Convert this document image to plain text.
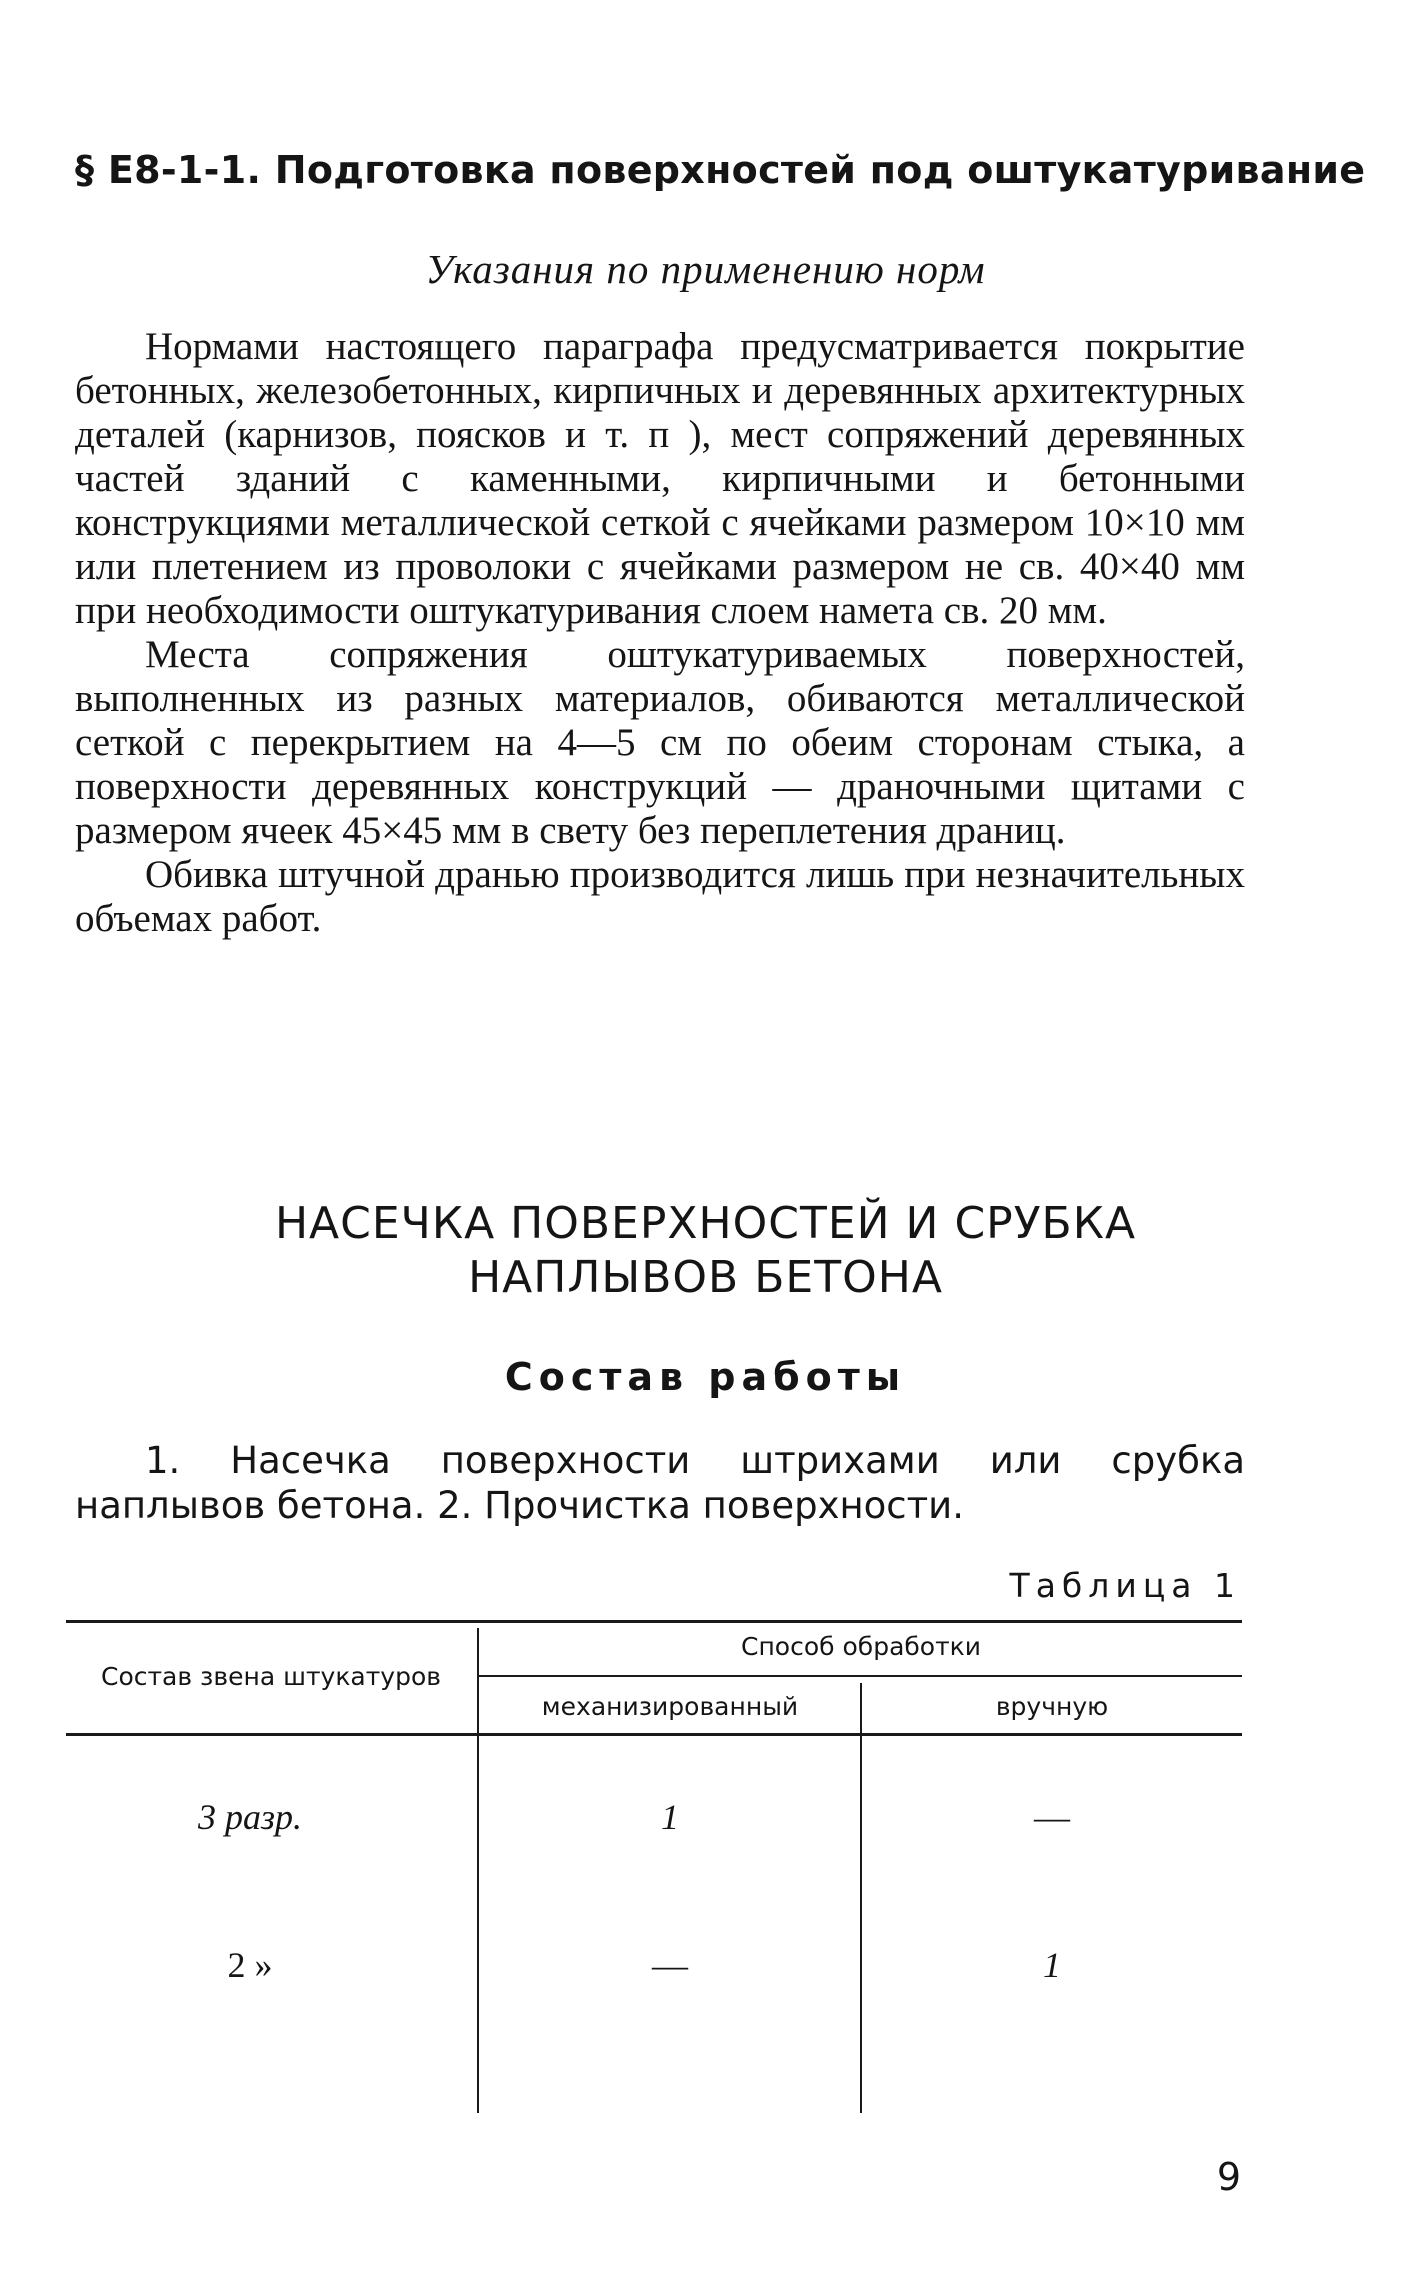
§ Е8-1-1. Подготовка поверхностей под оштукатуривание
Указания по применению норм

Нормами настоящего параграфа предусматривается покрытие бетонных, железобетонных, кирпичных и деревянных архитектурных деталей (карнизов, поясков и т. п ), мест сопряжений деревянных частей зданий с каменными, кирпичными и бетонными конструкциями металлической сеткой с ячейками размером 10×10 мм или плетением из проволоки с ячейками размером не св. 40×40 мм при необходимости оштукатуривания слоем намета св. 20 мм.

Места сопряжения оштукатуриваемых поверхностей, выполненных из разных материалов, обиваются металлической сеткой с перекрытием на 4—5 см по обеим сторонам стыка, а поверхности деревянных конструкций — драночными щитами с размером ячеек 45×45 мм в свету без переплетения драниц.

Обивка штучной дранью производится лишь при незначительных объемах работ.

НАСЕЧКА ПОВЕРХНОСТЕЙ И СРУБКА
НАПЛЫВОВ БЕТОНА
Состав работы

1. Насечка поверхности штрихами или срубка наплывов бетона. 2. Прочистка поверхности.

Таблица 1
Состав звена штукатуров
Способ обработки
механизированный	вручную
3 разр.	1	—
2 »	—	1
9
